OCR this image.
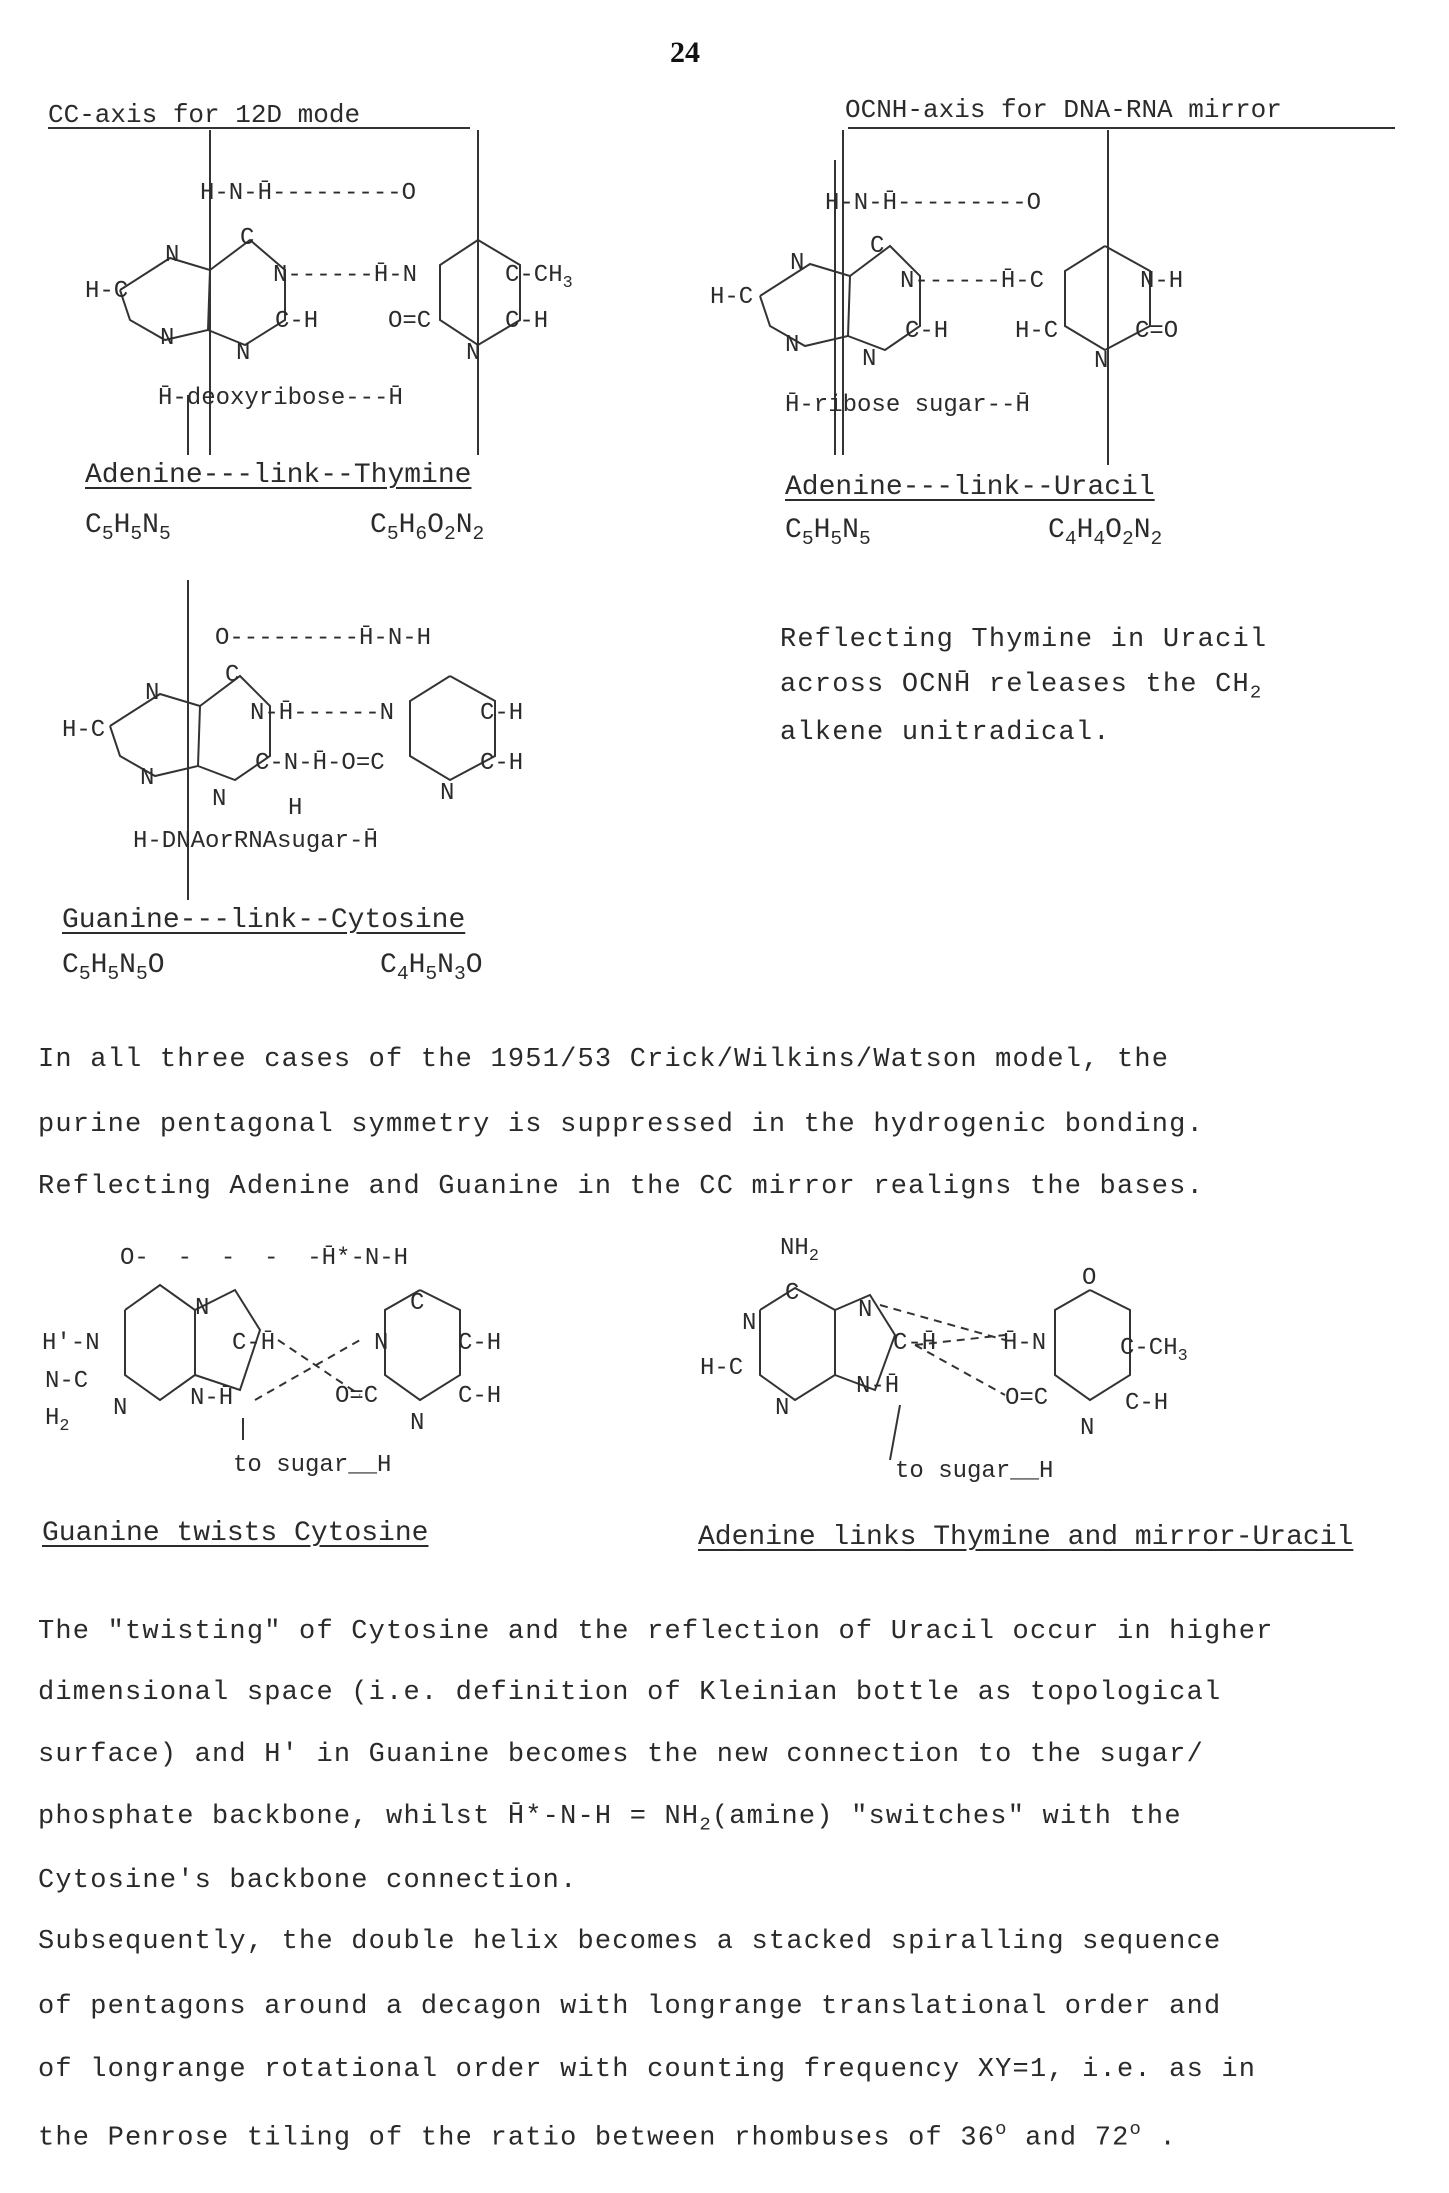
24
CC-axis for 12D mode
H-N-H̄---------O
N
C
N------H̄-N	$C-CH_3$
H-C
C-H	O=C	C-H
N
N	N
H̄-deoxyribose---H̄
Adenine---link--Thymine
$C_5H_5N_5$	$C_5H_6O_2N_2$
OCNH-axis for DNA-RNA mirror
H-N-H̄---------O
N
C
N------H̄-C	N-H
H-C
C-H	H-C	C=O
N
N	N
H̄-ribose sugar--H̄
Adenine---link--Uracil
$C_5H_5N_5$	$C_4H_4O_2N_2$
Reflecting Thymine in Uracil
across OCNH̄ releases the $CH_2$
alkene unitradical.
O---------H̄-N-H
N
C
N-H̄------N	C-H
H-C
C-N-H̄-O=C	C-H
N
N	H
N
H-DNAorRNAsugar-H̄
Guanine---link--Cytosine
$C_5H_5N_5O$	$C_4H_5N_3O$
In all three cases of the 1951/53 Crick/Wilkins/Watson model, the
purine pentagonal symmetry is suppressed in the hydrogenic bonding.
Reflecting Adenine and Guanine in the CC mirror realigns the bases.
O-  -  -  -  -H̄*-N-H
H'-N
N-C
$H_2$
N
C
N
C-H̄
N-H̄
N
O=C
C-H
C-H
N
to sugar__H
Guanine twists Cytosine
$NH_2$
O
C
N	N
H-C
C-H̄
N-H̄
N
H̄-N	$C-CH_3$
O=C	C-H
N
to sugar__H
Adenine links Thymine and mirror-Uracil
The "twisting" of Cytosine and the reflection of Uracil occur in higher
dimensional space (i.e. definition of Kleinian bottle as topological
surface) and H' in Guanine becomes the new connection to the sugar/
phosphate backbone, whilst H̄*-N-H = $NH_2(amine)$ "switches" with the
Cytosine's backbone connection.
Subsequently, the double helix becomes a stacked spiralling sequence
of pentagons around a decagon with longrange translational order and
of longrange rotational order with counting frequency XY=1, i.e. as in
the Penrose tiling of the ratio between rhombuses of 36$^o$ and 72$^o$ .
